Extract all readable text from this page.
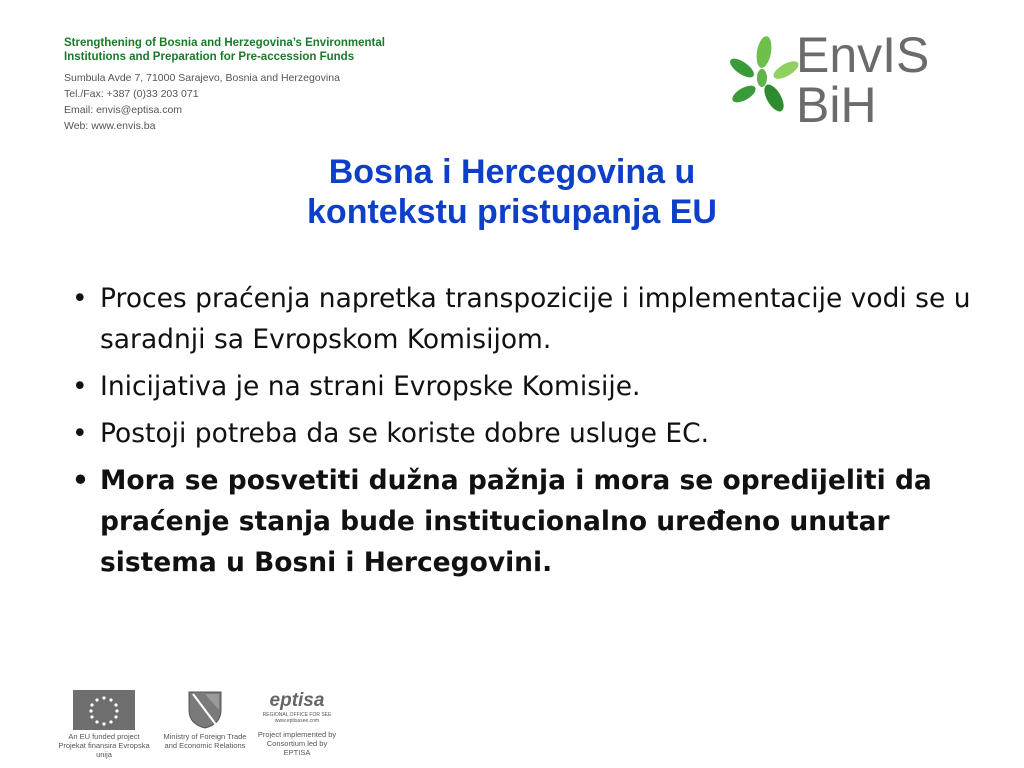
Strengthening of Bosnia and Herzegovina’s Environmental
Institutions and Preparation for Pre-accession Funds
Sumbula Avde 7, 71000 Sarajevo, Bosnia and Herzegovina
Tel./Fax: +387 (0)33 203 071
Email: envis@eptisa.com
Web: www.envis.ba
EnvIS
BiH
Bosna i Hercegovina u
kontekstu pristupanja EU
• Proces praćenja napretka transpozicije i implementacije vodi se u saradnji sa Evropskom Komisijom.
• Inicijativa je na strani Evropske Komisije.
• Postoji potreba da se koriste dobre usluge EC.
• Mora se posvetiti dužna pažnja i mora se opredijeliti da praćenje stanja bude institucionalno uređeno unutar sistema u Bosni i Hercegovini.
An EU funded project
Projekat finansira Evropska unija
Ministry of Foreign Trade
and Economic Relations
eptisa
REGIONAL OFFICE FOR SEE
www.eptisasee.com
Project implemented by
Consortium led by EPTISA
